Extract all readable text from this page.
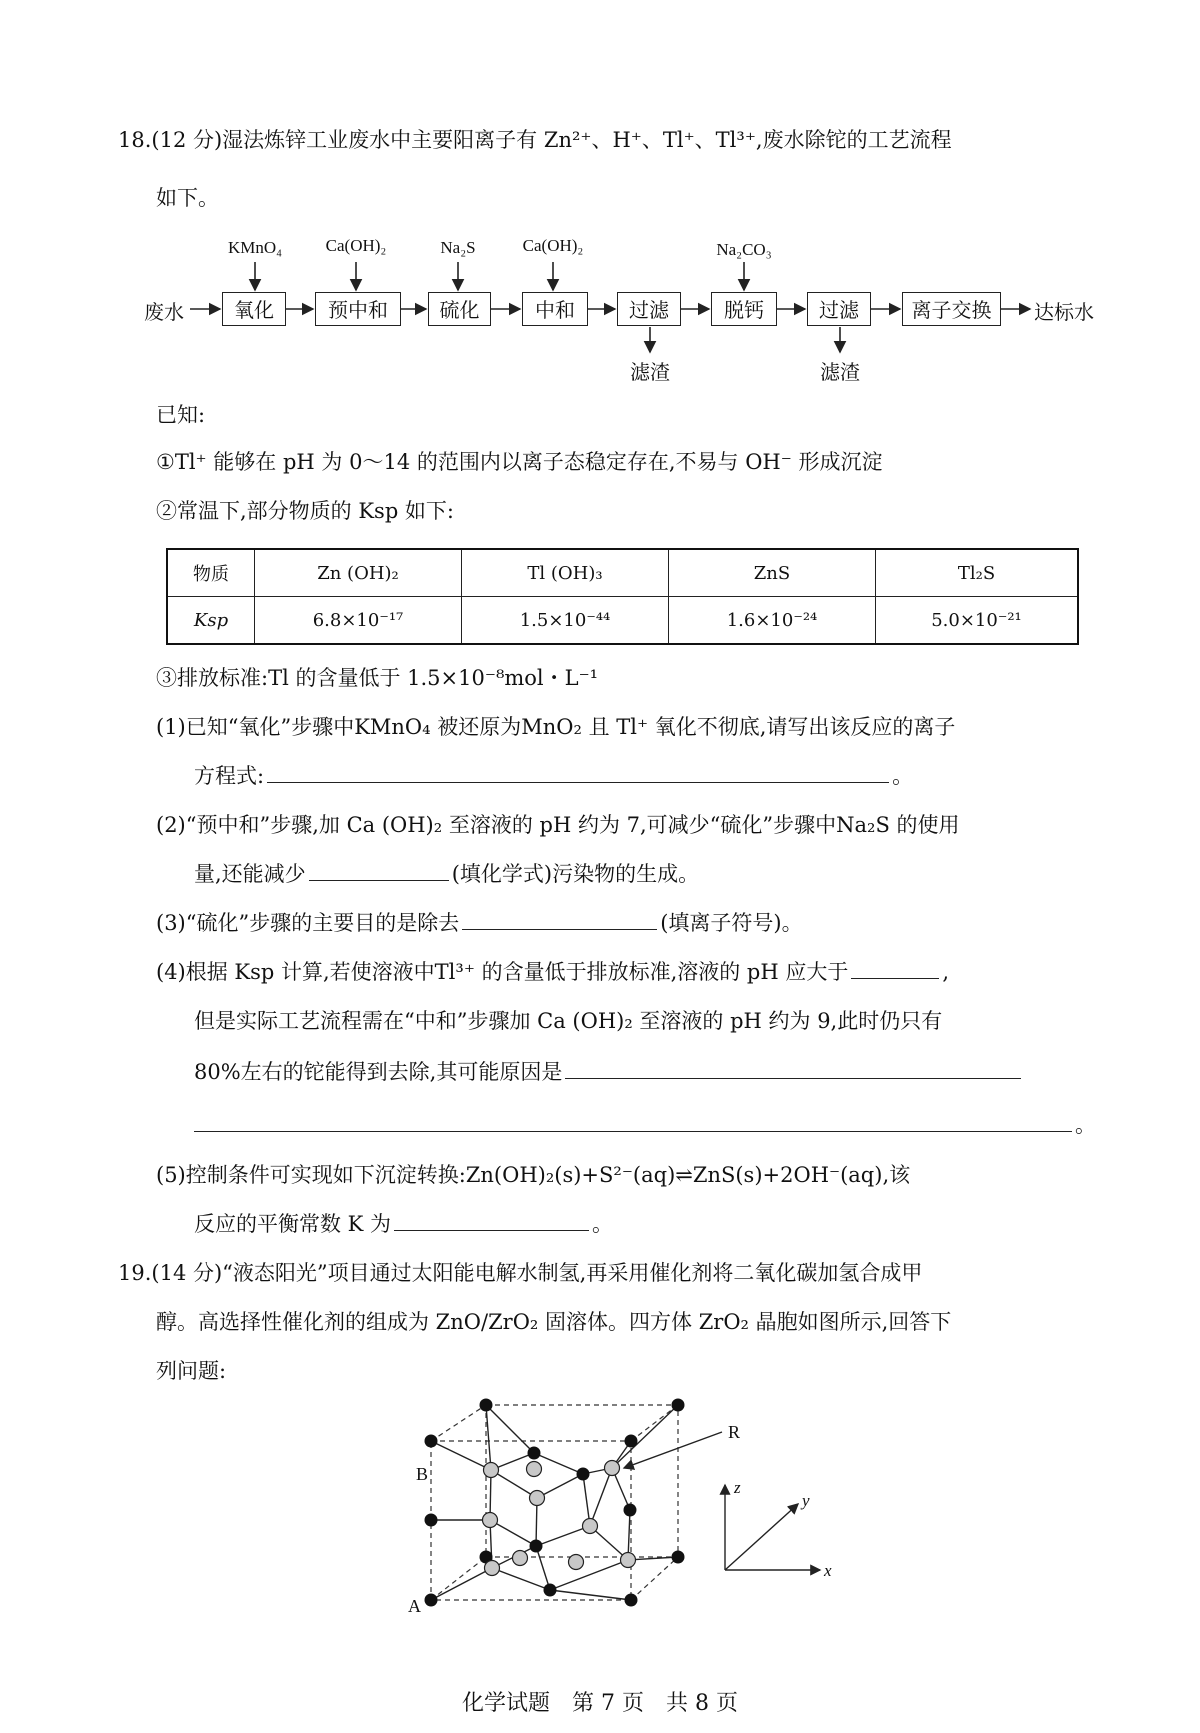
18.(12 分)湿法炼锌工业废水中主要阳离子有 Zn²⁺、H⁺、Tl⁺、Tl³⁺,废水除铊的工艺流程
如下。
废水	达标水
氧化	预中和	硫化	中和	过滤	脱钙	过滤	离子交换
KMnO₄	Ca(OH)₂	Na₂S	Ca(OH)₂	Na₂CO₃
滤渣	滤渣
已知:
①Tl⁺ 能够在 pH 为 0～14 的范围内以离子态稳定存在,不易与 OH⁻ 形成沉淀
②常温下,部分物质的 Ksp 如下:
物质	Zn (OH)₂	Tl (OH)₃	ZnS	Tl₂S
Ksp	6.8×10⁻¹⁷	1.5×10⁻⁴⁴	1.6×10⁻²⁴	5.0×10⁻²¹
③排放标准:Tl 的含量低于 1.5×10⁻⁸mol・L⁻¹
(1)已知“氧化”步骤中KMnO₄ 被还原为MnO₂ 且 Tl⁺ 氧化不彻底,请写出该反应的离子
方程式:	。
(2)“预中和”步骤,加 Ca (OH)₂ 至溶液的 pH 约为 7,可减少“硫化”步骤中Na₂S 的使用
量,还能减少	(填化学式)污染物的生成。
(3)“硫化”步骤的主要目的是除去	(填离子符号)。
(4)根据 Ksp 计算,若使溶液中Tl³⁺ 的含量低于排放标准,溶液的 pH 应大于	,
但是实际工艺流程需在“中和”步骤加 Ca (OH)₂ 至溶液的 pH 约为 9,此时仍只有
80%左右的铊能得到去除,其可能原因是
。
(5)控制条件可实现如下沉淀转换:Zn(OH)₂(s)+S²⁻(aq)⇌ZnS(s)+2OH⁻(aq),该
反应的平衡常数 K 为	。
19.(14 分)“液态阳光”项目通过太阳能电解水制氢,再采用催化剂将二氧化碳加氢合成甲
醇。高选择性催化剂的组成为 ZnO/ZrO₂ 固溶体。四方体 ZrO₂ 晶胞如图所示,回答下
列问题:
R
B
A
z
y
x
化学试题　第 7 页　共 8 页
